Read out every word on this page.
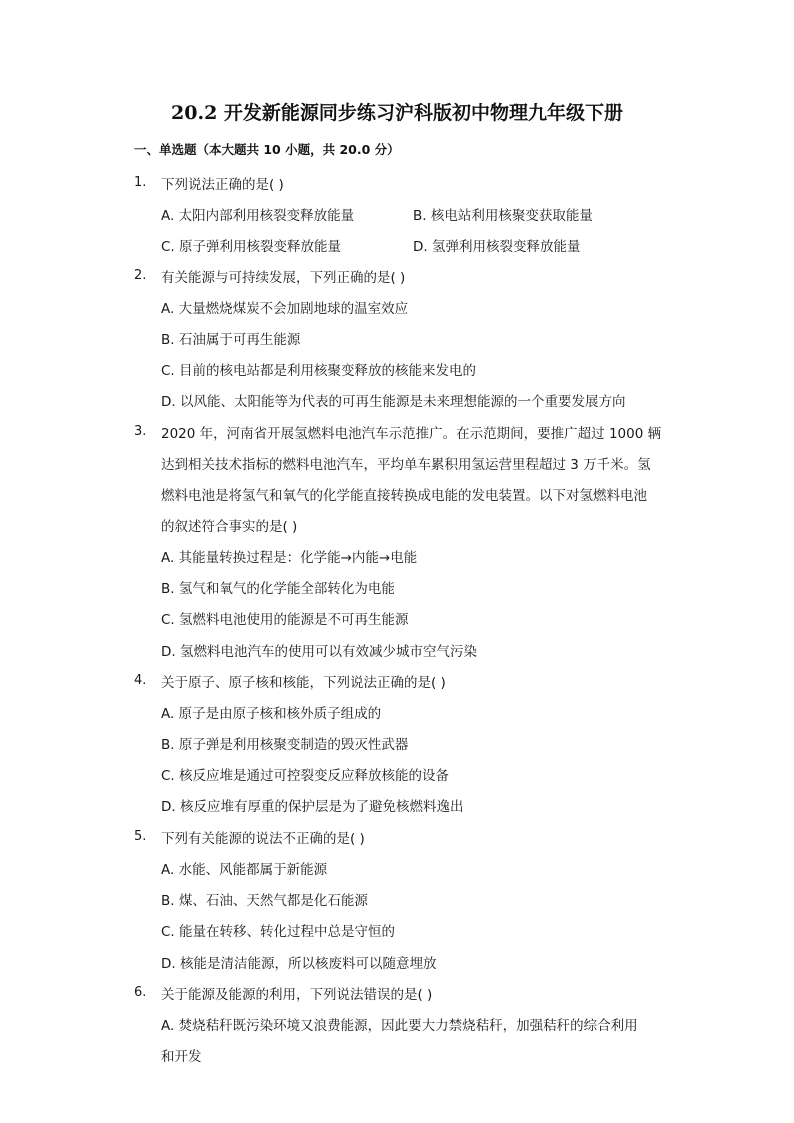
20.2 开发新能源同步练习沪科版初中物理九年级下册
一、单选题（本大题共 10 小题，共 20.0 分）
1. 下列说法正确的是( )
A. 太阳内部利用核裂变释放能量	B. 核电站利用核聚变获取能量
C. 原子弹利用核裂变释放能量	D. 氢弹利用核裂变释放能量
2. 有关能源与可持续发展，下列正确的是( )
A. 大量燃烧煤炭不会加剧地球的温室效应
B. 石油属于可再生能源
C. 目前的核电站都是利用核聚变释放的核能来发电的
D. 以风能、太阳能等为代表的可再生能源是未来理想能源的一个重要发展方向
3. 2020 年，河南省开展氢燃料电池汽车示范推广。在示范期间，要推广超过 1000 辆
达到相关技术指标的燃料电池汽车，平均单车累积用氢运营里程超过 3 万千米。氢
燃料电池是将氢气和氧气的化学能直接转换成电能的发电装置。以下对氢燃料电池
的叙述符合事实的是( )
A. 其能量转换过程是：化学能→内能→电能
B. 氢气和氧气的化学能全部转化为电能
C. 氢燃料电池使用的能源是不可再生能源
D. 氢燃料电池汽车的使用可以有效减少城市空气污染
4. 关于原子、原子核和核能，下列说法正确的是( )
A. 原子是由原子核和核外质子组成的
B. 原子弹是利用核聚变制造的毁灭性武器
C. 核反应堆是通过可控裂变反应释放核能的设备
D. 核反应堆有厚重的保护层是为了避免核燃料逸出
5. 下列有关能源的说法不正确的是( )
A. 水能、风能都属于新能源
B. 煤、石油、天然气都是化石能源
C. 能量在转移、转化过程中总是守恒的
D. 核能是清洁能源，所以核废料可以随意埋放
6. 关于能源及能源的利用，下列说法错误的是( )
A. 焚烧秸秆既污染环境又浪费能源，因此要大力禁烧秸秆，加强秸秆的综合利用
和开发
